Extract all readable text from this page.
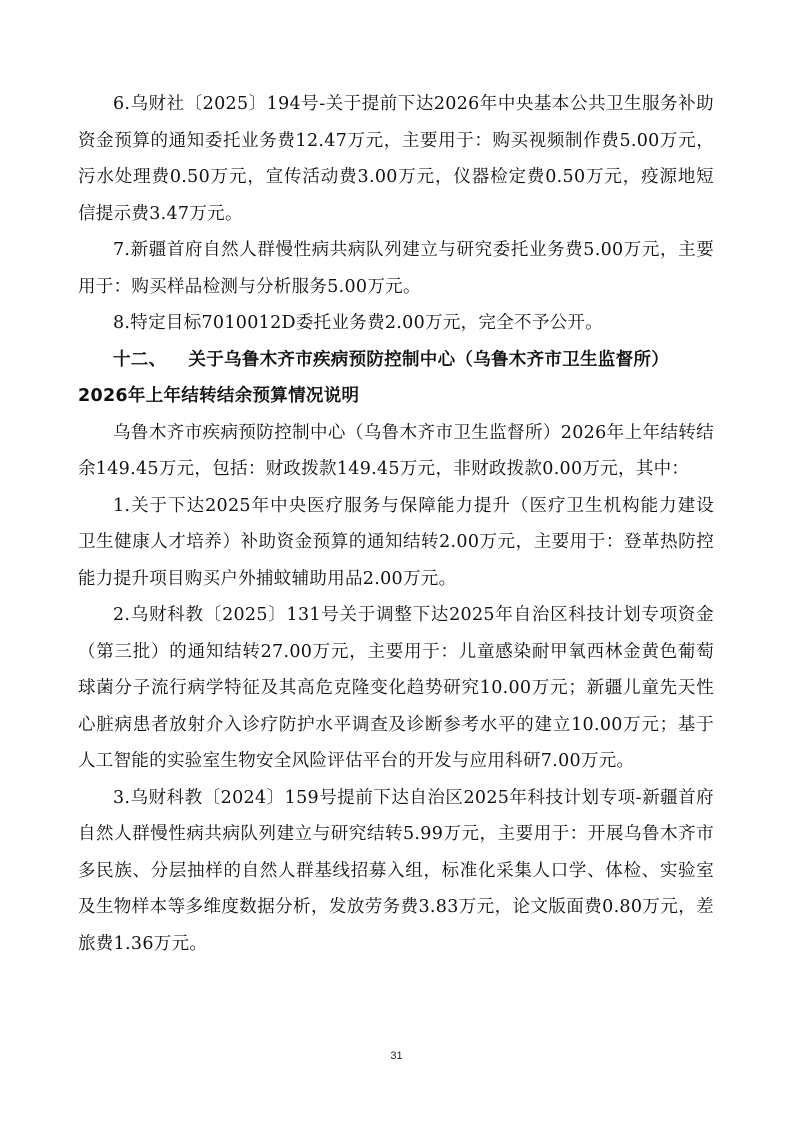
6.乌财社〔2025〕194号-关于提前下达2026年中央基本公共卫生服务补助资金预算的通知委托业务费12.47万元，主要用于：购买视频制作费5.00万元，污水处理费0.50万元，宣传活动费3.00万元，仪器检定费0.50万元，疫源地短信提示费3.47万元。

7.新疆首府自然人群慢性病共病队列建立与研究委托业务费5.00万元，主要用于：购买样品检测与分析服务5.00万元。

8.特定目标7010012D委托业务费2.00万元，完全不予公开。

十二、 关于乌鲁木齐市疾病预防控制中心（乌鲁木齐市卫生监督所）
2026年上年结转结余预算情况说明

乌鲁木齐市疾病预防控制中心（乌鲁木齐市卫生监督所）2026年上年结转结余149.45万元，包括：财政拨款149.45万元，非财政拨款0.00万元，其中：

1.关于下达2025年中央医疗服务与保障能力提升（医疗卫生机构能力建设 卫生健康人才培养）补助资金预算的通知结转2.00万元，主要用于：登革热防控能力提升项目购买户外捕蚊辅助用品2.00万元。

2.乌财科教〔2025〕131号关于调整下达2025年自治区科技计划专项资金（第三批）的通知结转27.00万元，主要用于：儿童感染耐甲氧西林金黄色葡萄球菌分子流行病学特征及其高危克隆变化趋势研究10.00万元；新疆儿童先天性心脏病患者放射介入诊疗防护水平调查及诊断参考水平的建立10.00万元；基于人工智能的实验室生物安全风险评估平台的开发与应用科研7.00万元。

3.乌财科教〔2024〕159号提前下达自治区2025年科技计划专项-新疆首府自然人群慢性病共病队列建立与研究结转5.99万元，主要用于：开展乌鲁木齐市多民族、分层抽样的自然人群基线招募入组，标准化采集人口学、体检、实验室及生物样本等多维度数据分析，发放劳务费3.83万元，论文版面费0.80万元，差旅费1.36万元。

31
